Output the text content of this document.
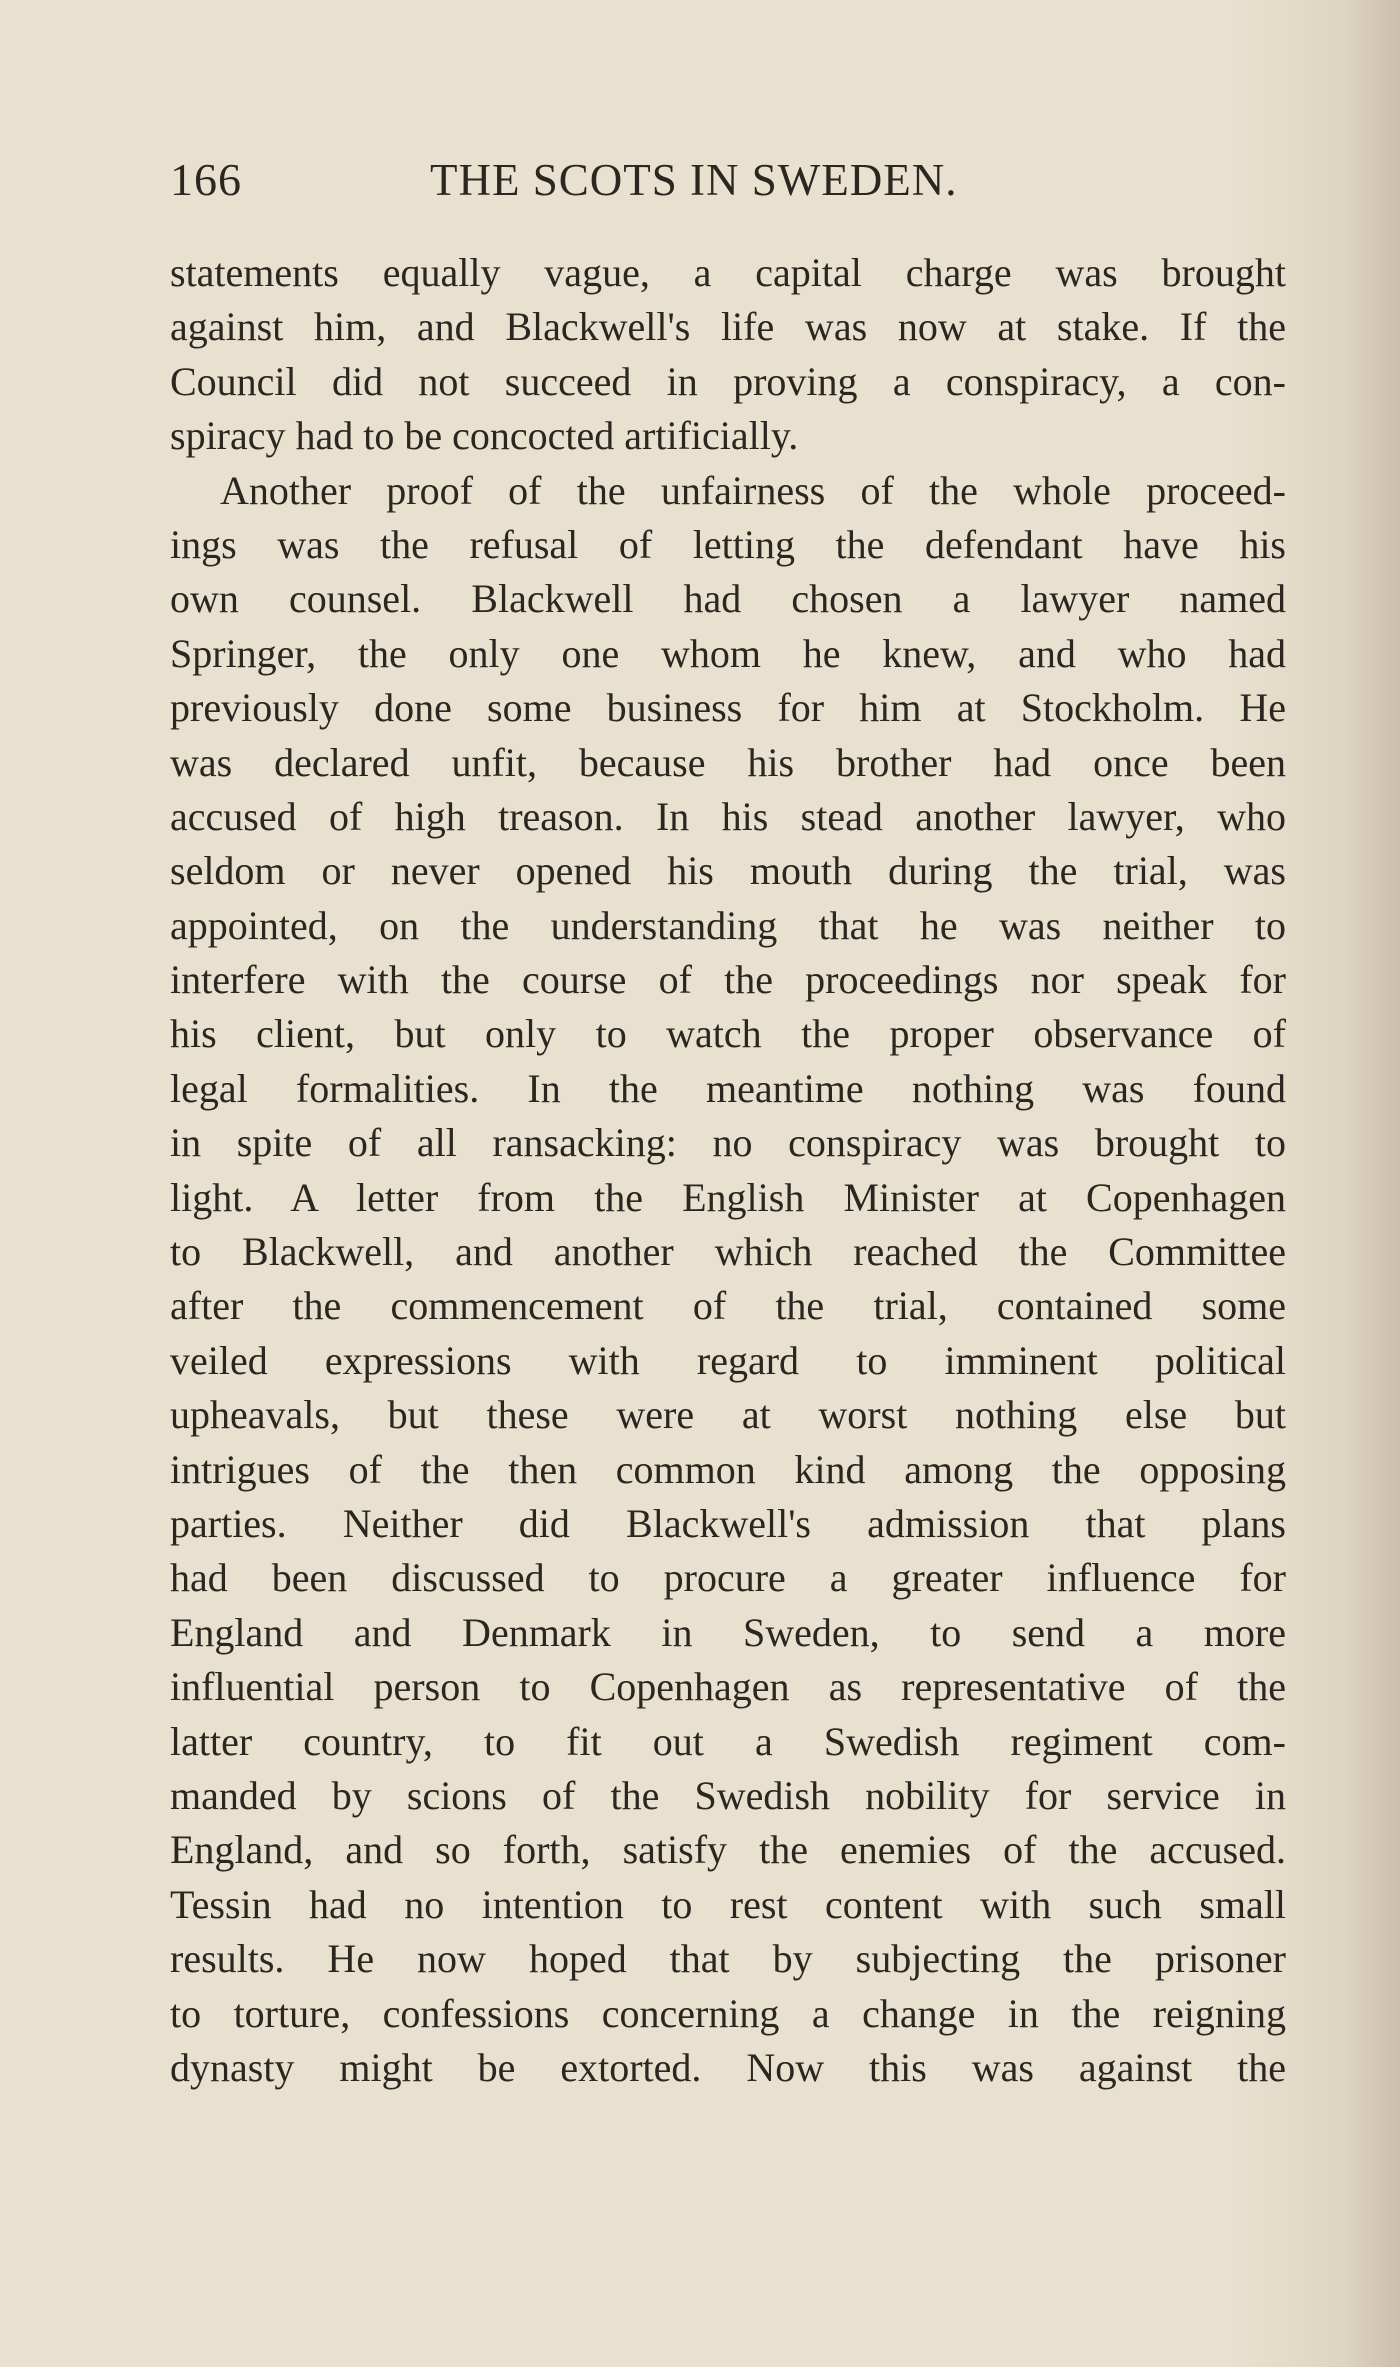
166	THE SCOTS IN SWEDEN.
statements equally vague, a capital charge was brought
against him, and Blackwell's life was now at stake. If the
Council did not succeed in proving a conspiracy, a con-
spiracy had to be concocted artificially.
Another proof of the unfairness of the whole proceed-
ings was the refusal of letting the defendant have his
own counsel. Blackwell had chosen a lawyer named
Springer, the only one whom he knew, and who had
previously done some business for him at Stockholm. He
was declared unfit, because his brother had once been
accused of high treason. In his stead another lawyer, who
seldom or never opened his mouth during the trial, was
appointed, on the understanding that he was neither to
interfere with the course of the proceedings nor speak for
his client, but only to watch the proper observance of
legal formalities. In the meantime nothing was found
in spite of all ransacking: no conspiracy was brought to
light. A letter from the English Minister at Copenhagen
to Blackwell, and another which reached the Committee
after the commencement of the trial, contained some
veiled expressions with regard to imminent political
upheavals, but these were at worst nothing else but
intrigues of the then common kind among the opposing
parties. Neither did Blackwell's admission that plans
had been discussed to procure a greater influence for
England and Denmark in Sweden, to send a more
influential person to Copenhagen as representative of the
latter country, to fit out a Swedish regiment com-
manded by scions of the Swedish nobility for service in
England, and so forth, satisfy the enemies of the accused.
Tessin had no intention to rest content with such small
results. He now hoped that by subjecting the prisoner
to torture, confessions concerning a change in the reigning
dynasty might be extorted. Now this was against the
